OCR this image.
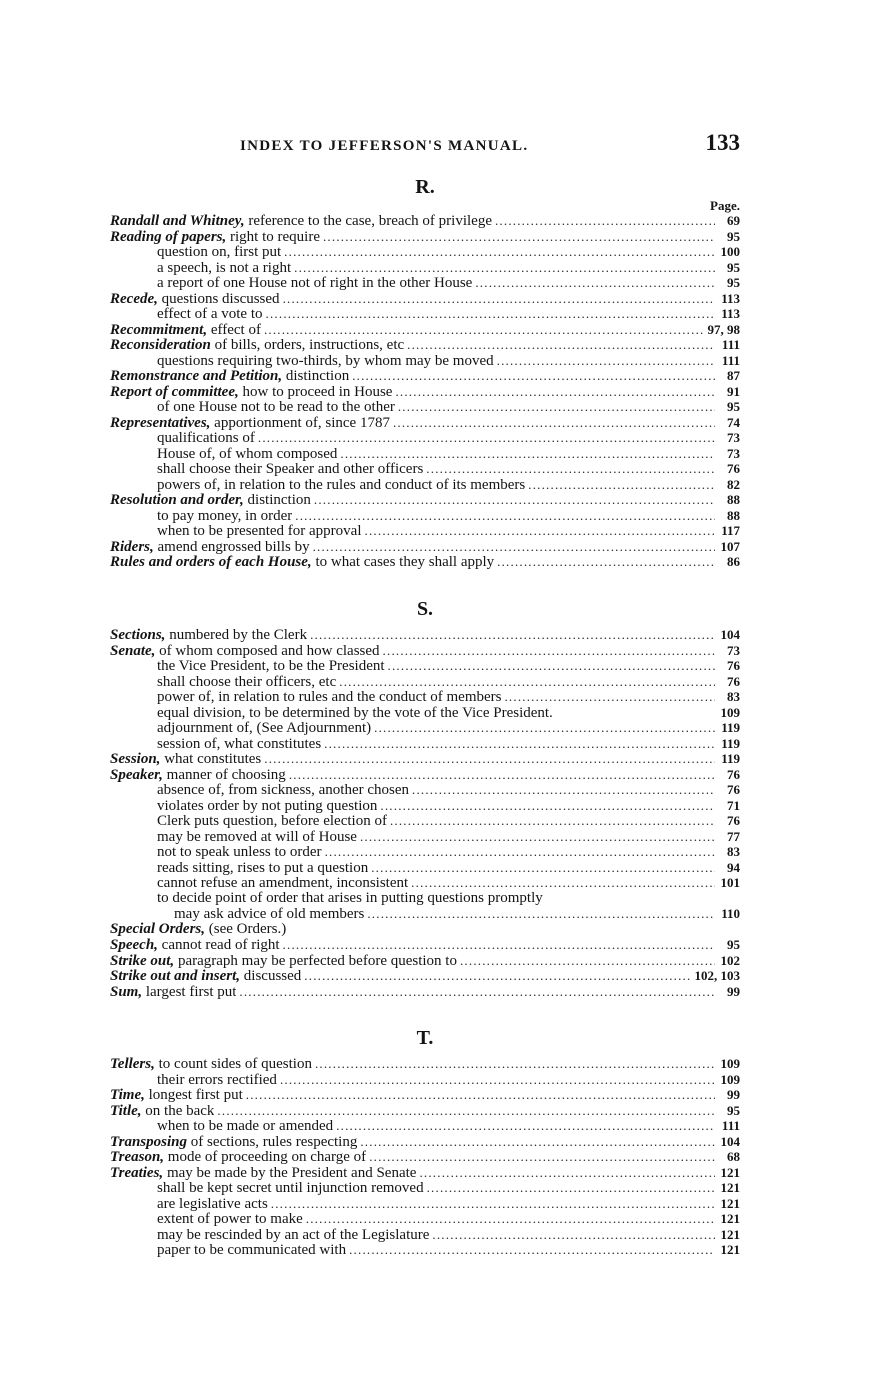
INDEX TO JEFFERSON'S MANUAL.	133
R.
Page.
Randall and Whitney, reference to the case, breach of privilege .....	69
Reading of papers, right to require .....	95
question on, first put .....	100
a speech, is not a right .....	95
a report of one House not of right in the other House .....	95
Recede, questions discussed .....	113
effect of a vote to .....	113
Recommitment, effect of .....	97, 98
Reconsideration of bills, orders, instructions, etc .....	111
questions requiring two-thirds, by whom may be moved .....	111
Remonstrance and Petition, distinction .....	87
Report of committee, how to proceed in House .....	91
of one House not to be read to the other .....	95
Representatives, apportionment of, since 1787 .....	74
qualifications of .....	73
House of, of whom composed .....	73
shall choose their Speaker and other officers .....	76
powers of, in relation to the rules and conduct of its members .....	82
Resolution and order, distinction .....	88
to pay money, in order .....	88
when to be presented for approval .....	117
Riders, amend engrossed bills by .....	107
Rules and orders of each House, to what cases they shall apply .....	86
S.
Sections, numbered by the Clerk .....	104
Senate, of whom composed and how classed .....	73
the Vice President, to be the President .....	76
shall choose their officers, etc .....	76
power of, in relation to rules and the conduct of members .....	83
equal division, to be determined by the vote of the Vice President.	109
adjournment of, (See Adjournment) .....	119
session of, what constitutes .....	119
Session, what constitutes .....	119
Speaker, manner of choosing .....	76
absence of, from sickness, another chosen .....	76
violates order by not puting question .....	71
Clerk puts question, before election of .....	76
may be removed at will of House .....	77
not to speak unless to order .....	83
reads sitting, rises to put a question .....	94
cannot refuse an amendment, inconsistent .....	101
to decide point of order that arises in putting questions promptly
may ask advice of old members .....	110
Special Orders, (see Orders.)
Speech, cannot read of right .....	95
Strike out, paragraph may be perfected before question to .....	102
Strike out and insert, discussed .....	102, 103
Sum, largest first put .....	99
T.
Tellers, to count sides of question .....	109
their errors rectified .....	109
Time, longest first put .....	99
Title, on the back .....	95
when to be made or amended .....	111
Transposing of sections, rules respecting .....	104
Treason, mode of proceeding on charge of .....	68
Treaties, may be made by the President and Senate .....	121
shall be kept secret until injunction removed .....	121
are legislative acts .....	121
extent of power to make .....	121
may be rescinded by an act of the Legislature .....	121
paper to be communicated with .....	121
